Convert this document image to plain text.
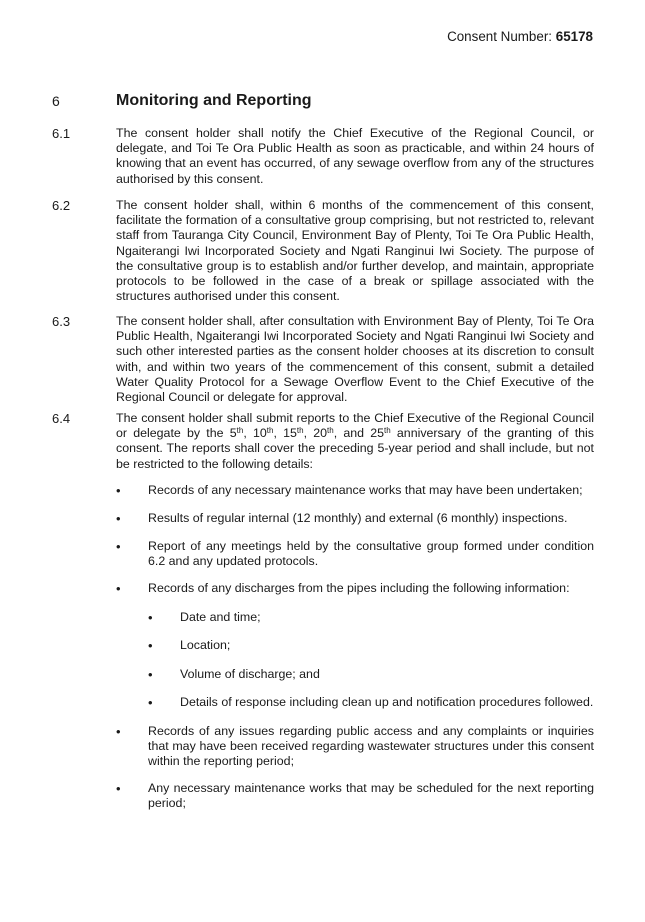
Consent Number: 65178
6	Monitoring and Reporting
6.1	The consent holder shall notify the Chief Executive of the Regional Council, or delegate, and Toi Te Ora Public Health as soon as practicable, and within 24 hours of knowing that an event has occurred, of any sewage overflow from any of the structures authorised by this consent.
6.2	The consent holder shall, within 6 months of the commencement of this consent, facilitate the formation of a consultative group comprising, but not restricted to, relevant staff from Tauranga City Council, Environment Bay of Plenty, Toi Te Ora Public Health, Ngaiterangi Iwi Incorporated Society and Ngati Ranginui Iwi Society. The purpose of the consultative group is to establish and/or further develop, and maintain, appropriate protocols to be followed in the case of a break or spillage associated with the structures authorised under this consent.
6.3	The consent holder shall, after consultation with Environment Bay of Plenty, Toi Te Ora Public Health, Ngaiterangi Iwi Incorporated Society and Ngati Ranginui Iwi Society and such other interested parties as the consent holder chooses at its discretion to consult with, and within two years of the commencement of this consent, submit a detailed Water Quality Protocol for a Sewage Overflow Event to the Chief Executive of the Regional Council or delegate for approval.
6.4	The consent holder shall submit reports to the Chief Executive of the Regional Council or delegate by the 5th, 10th, 15th, 20th, and 25th anniversary of the granting of this consent. The reports shall cover the preceding 5-year period and shall include, but not be restricted to the following details:
• Records of any necessary maintenance works that may have been undertaken;
• Results of regular internal (12 monthly) and external (6 monthly) inspections.
• Report of any meetings held by the consultative group formed under condition 6.2 and any updated protocols.
• Records of any discharges from the pipes including the following information:
• Date and time;
• Location;
• Volume of discharge; and
• Details of response including clean up and notification procedures followed.
• Records of any issues regarding public access and any complaints or inquiries that may have been received regarding wastewater structures under this consent within the reporting period;
• Any necessary maintenance works that may be scheduled for the next reporting period;
